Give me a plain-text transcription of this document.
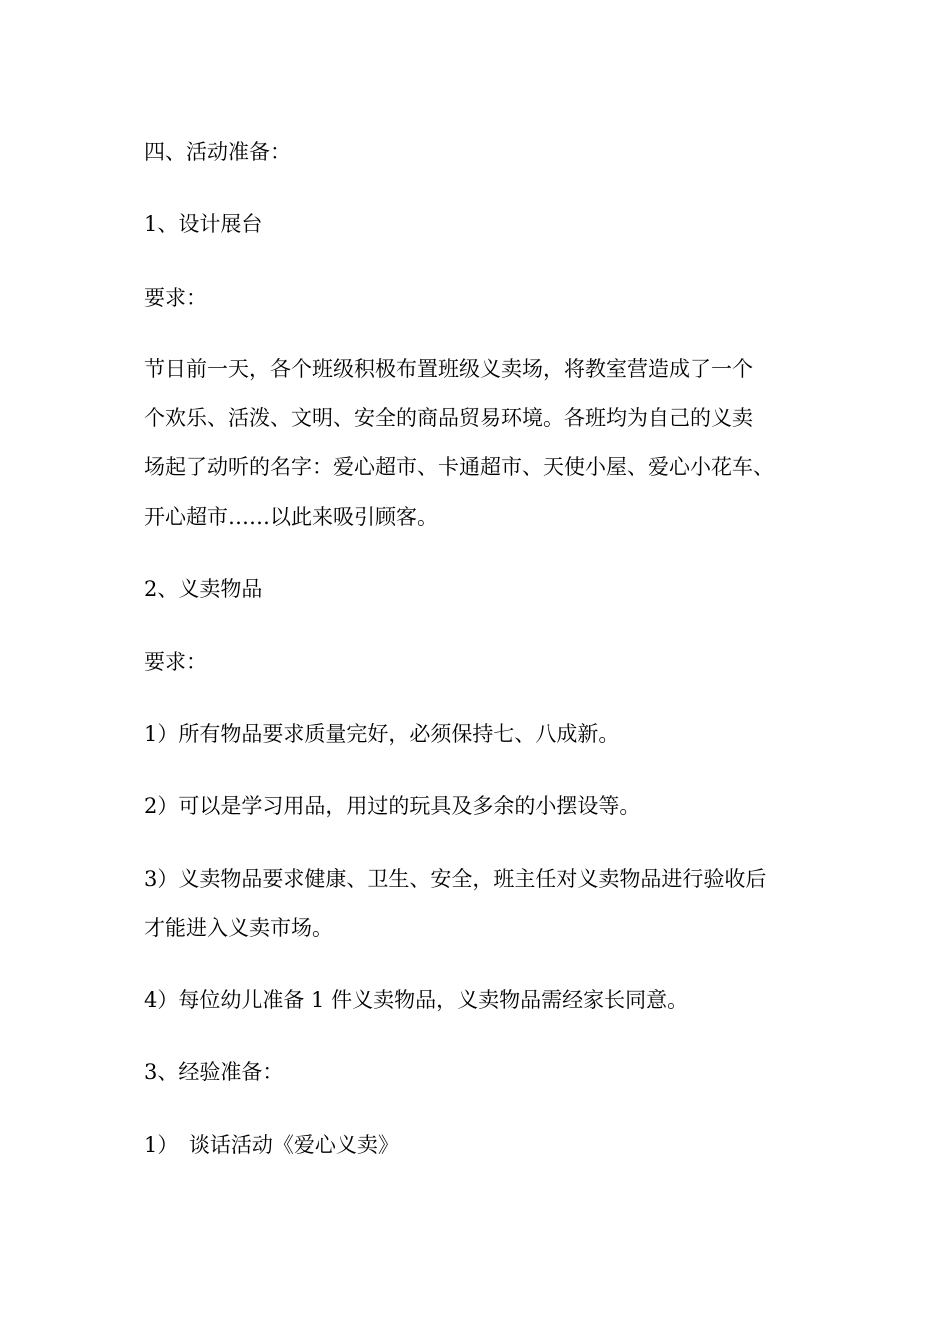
四、活动准备：
1、设计展台
要求：
节日前一天，各个班级积极布置班级义卖场，将教室营造成了一个
个欢乐、活泼、文明、安全的商品贸易环境。各班均为自己的义卖
场起了动听的名字：爱心超市、卡通超市、天使小屋、爱心小花车、
开心超市……以此来吸引顾客。
2、义卖物品
要求：
1）所有物品要求质量完好，必须保持七、八成新。
2）可以是学习用品，用过的玩具及多余的小摆设等。
3）义卖物品要求健康、卫生、安全，班主任对义卖物品进行验收后
才能进入义卖市场。
4）每位幼儿准备 1 件义卖物品，义卖物品需经家长同意。
3、经验准备：
1）　谈话活动《爱心义卖》
